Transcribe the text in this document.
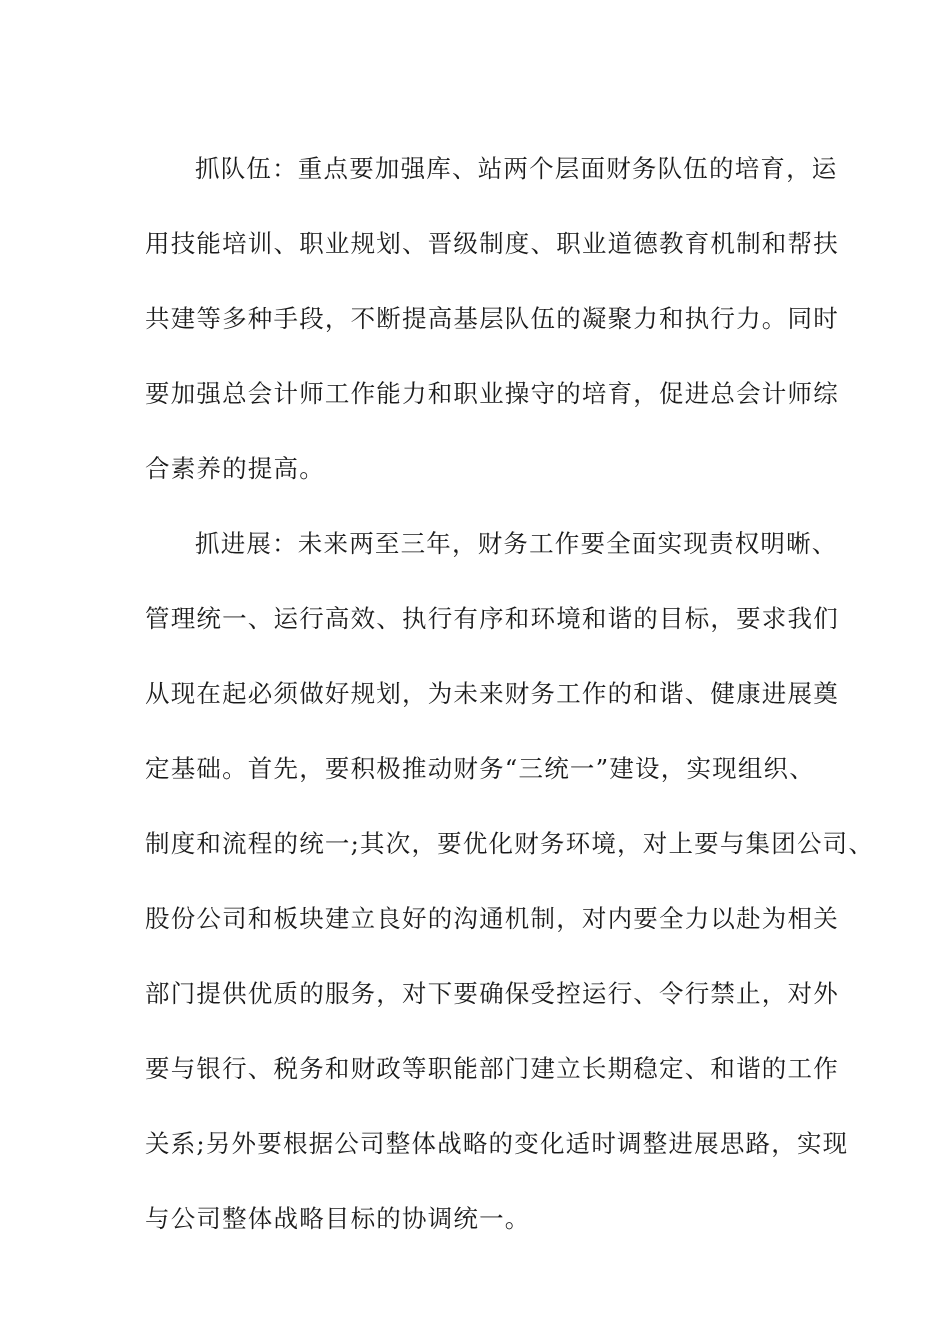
抓队伍：重点要加强库、站两个层面财务队伍的培育，运
用技能培训、职业规划、晋级制度、职业道德教育机制和帮扶
共建等多种手段，不断提高基层队伍的凝聚力和执行力。同时
要加强总会计师工作能力和职业操守的培育，促进总会计师综
合素养的提高。
抓进展：未来两至三年，财务工作要全面实现责权明晰、
管理统一、运行高效、执行有序和环境和谐的目标，要求我们
从现在起必须做好规划，为未来财务工作的和谐、健康进展奠
定基础。首先，要积极推动财务“三统一”建设，实现组织、
制度和流程的统一;其次，要优化财务环境，对上要与集团公司、
股份公司和板块建立良好的沟通机制，对内要全力以赴为相关
部门提供优质的服务，对下要确保受控运行、令行禁止，对外
要与银行、税务和财政等职能部门建立长期稳定、和谐的工作
关系;另外要根据公司整体战略的变化适时调整进展思路，实现
与公司整体战略目标的协调统一。
